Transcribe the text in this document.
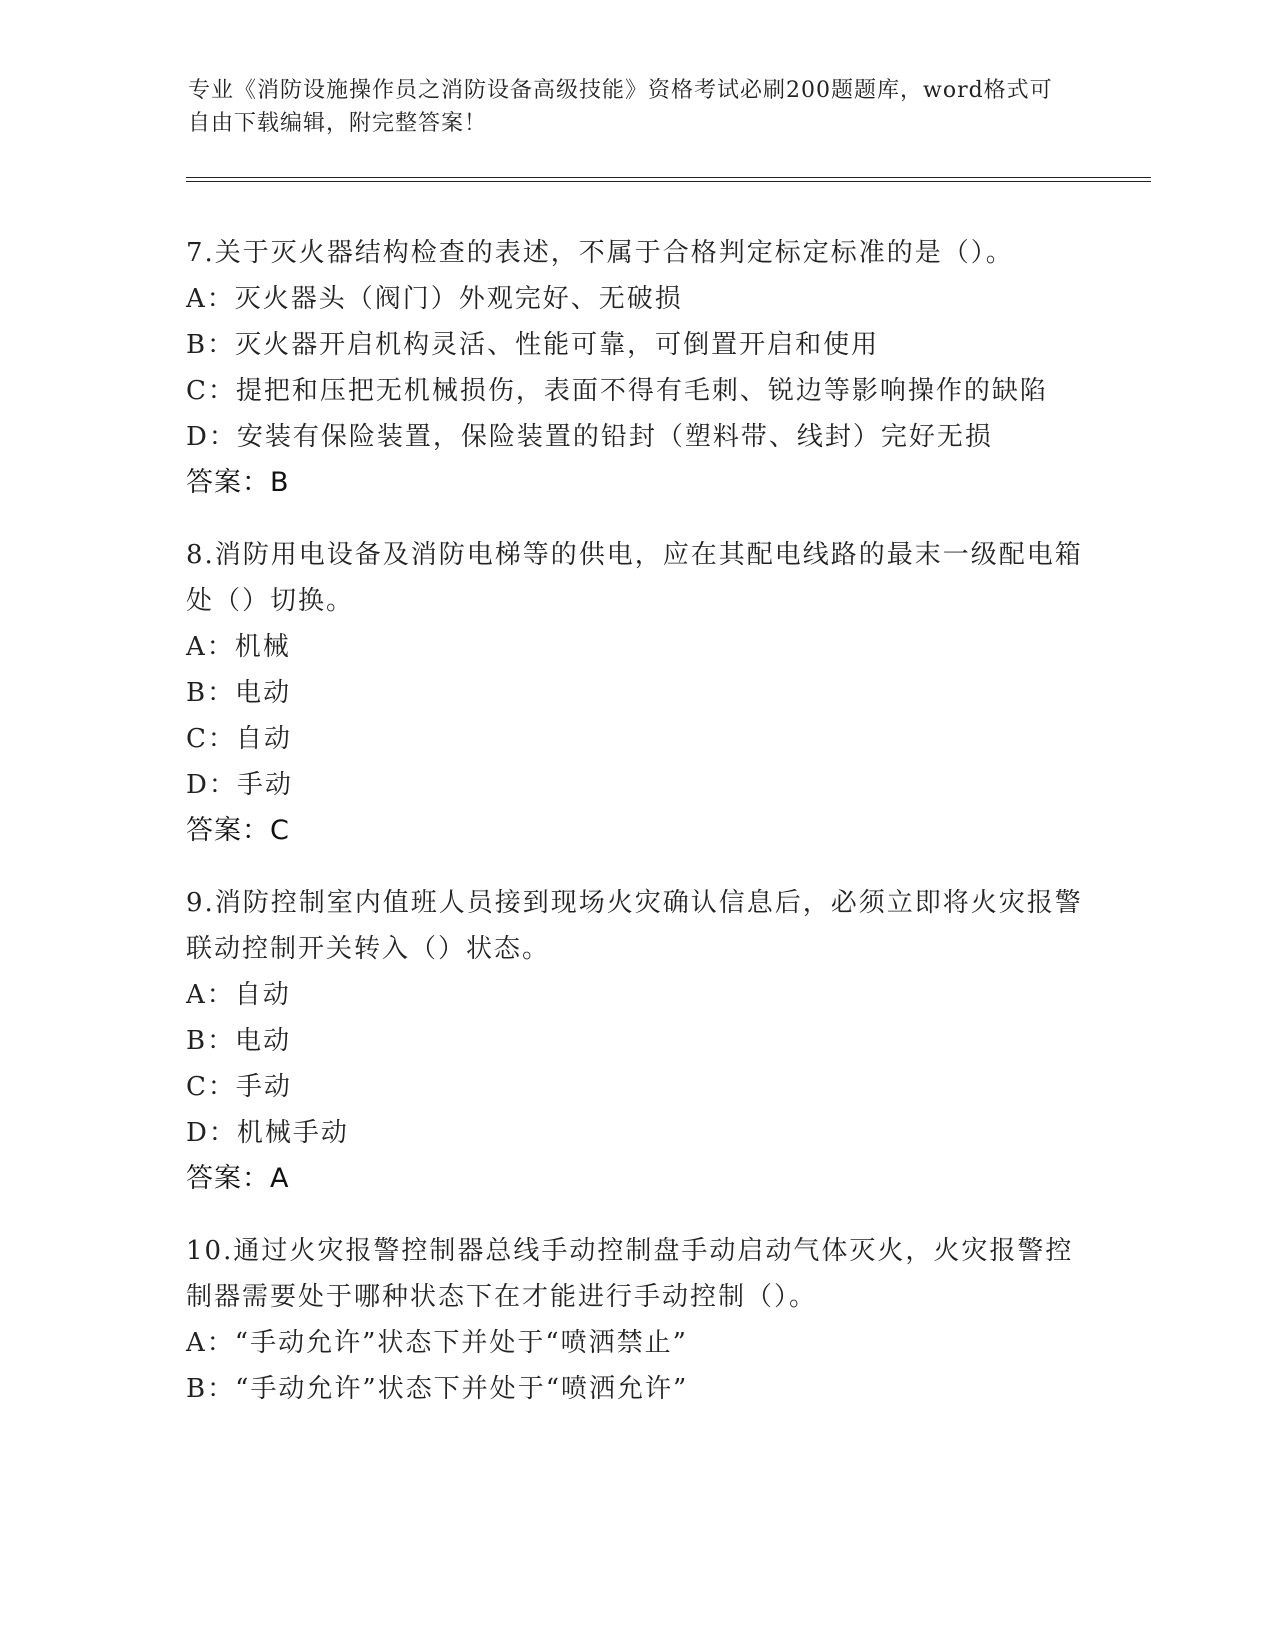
专业《消防设施操作员之消防设备高级技能》资格考试必刷200题题库，word格式可自由下载编辑，附完整答案！

7.关于灭火器结构检查的表述，不属于合格判定标定标准的是（）。

A：灭火器头（阀门）外观完好、无破损

B：灭火器开启机构灵活、性能可靠，可倒置开启和使用

C：提把和压把无机械损伤，表面不得有毛刺、锐边等影响操作的缺陷

D：安装有保险装置，保险装置的铅封（塑料带、线封）完好无损

答案：B

8.消防用电设备及消防电梯等的供电，应在其配电线路的最末一级配电箱处（）切换。

A：机械

B：电动

C：自动

D：手动

答案：C

9.消防控制室内值班人员接到现场火灾确认信息后，必须立即将火灾报警联动控制开关转入（）状态。

A：自动

B：电动

C：手动

D：机械手动

答案：A

10.通过火灾报警控制器总线手动控制盘手动启动气体灭火，火灾报警控制器需要处于哪种状态下在才能进行手动控制（）。

A：“手动允许”状态下并处于“喷洒禁止”

B：“手动允许”状态下并处于“喷洒允许”
